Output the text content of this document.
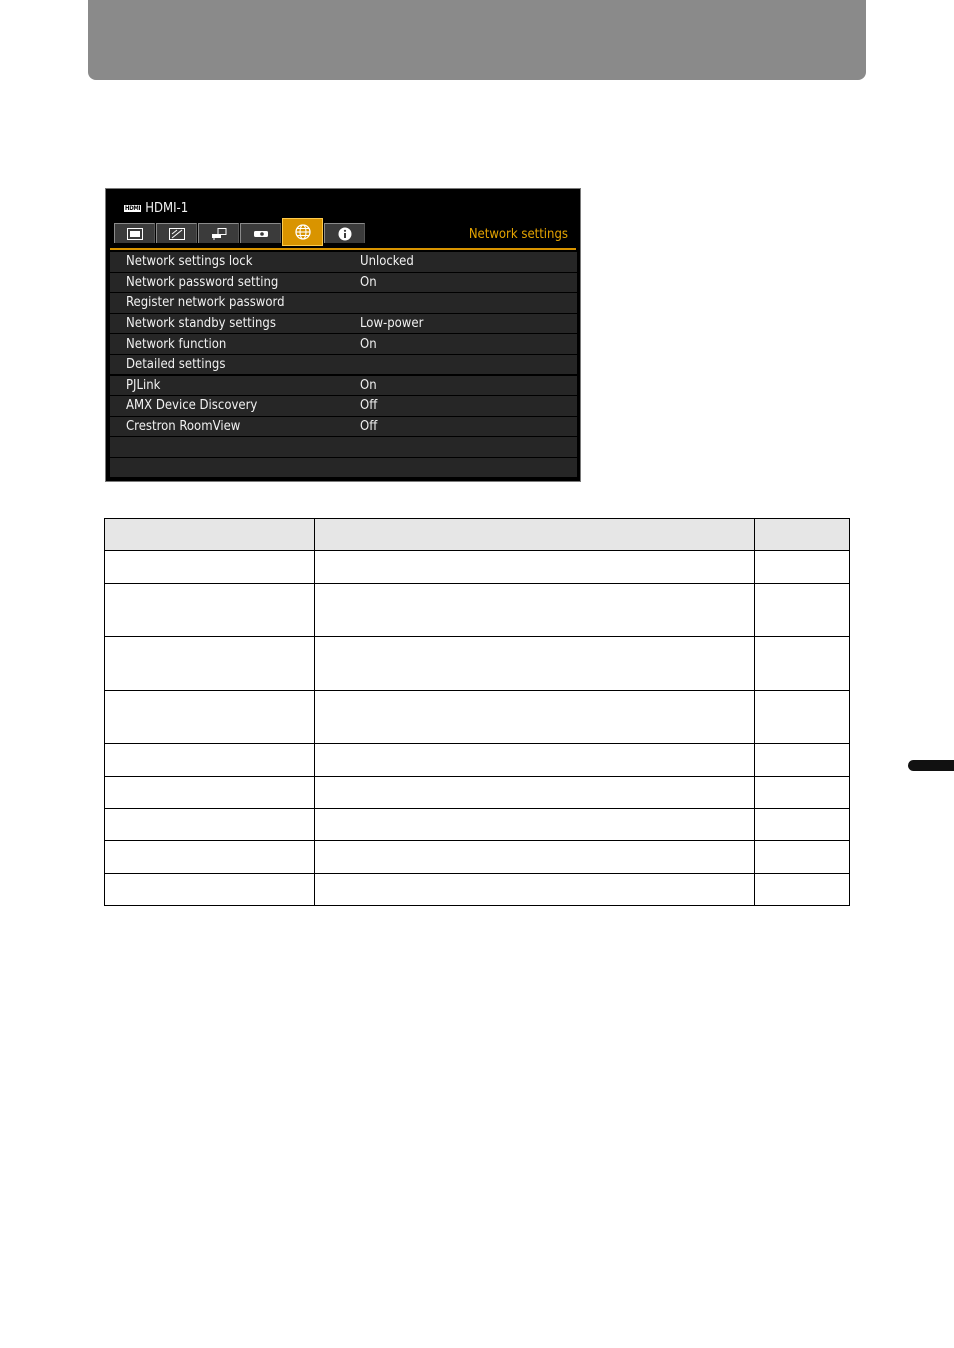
HDMI HDMI-1
Network settings
Network settings lock	Unlocked
Network password setting	On
Register network password
Network standby settings	Low-power
Network function	On
Detailed settings
PJLink	On
AMX Device Discovery	Off
Crestron RoomView	Off
